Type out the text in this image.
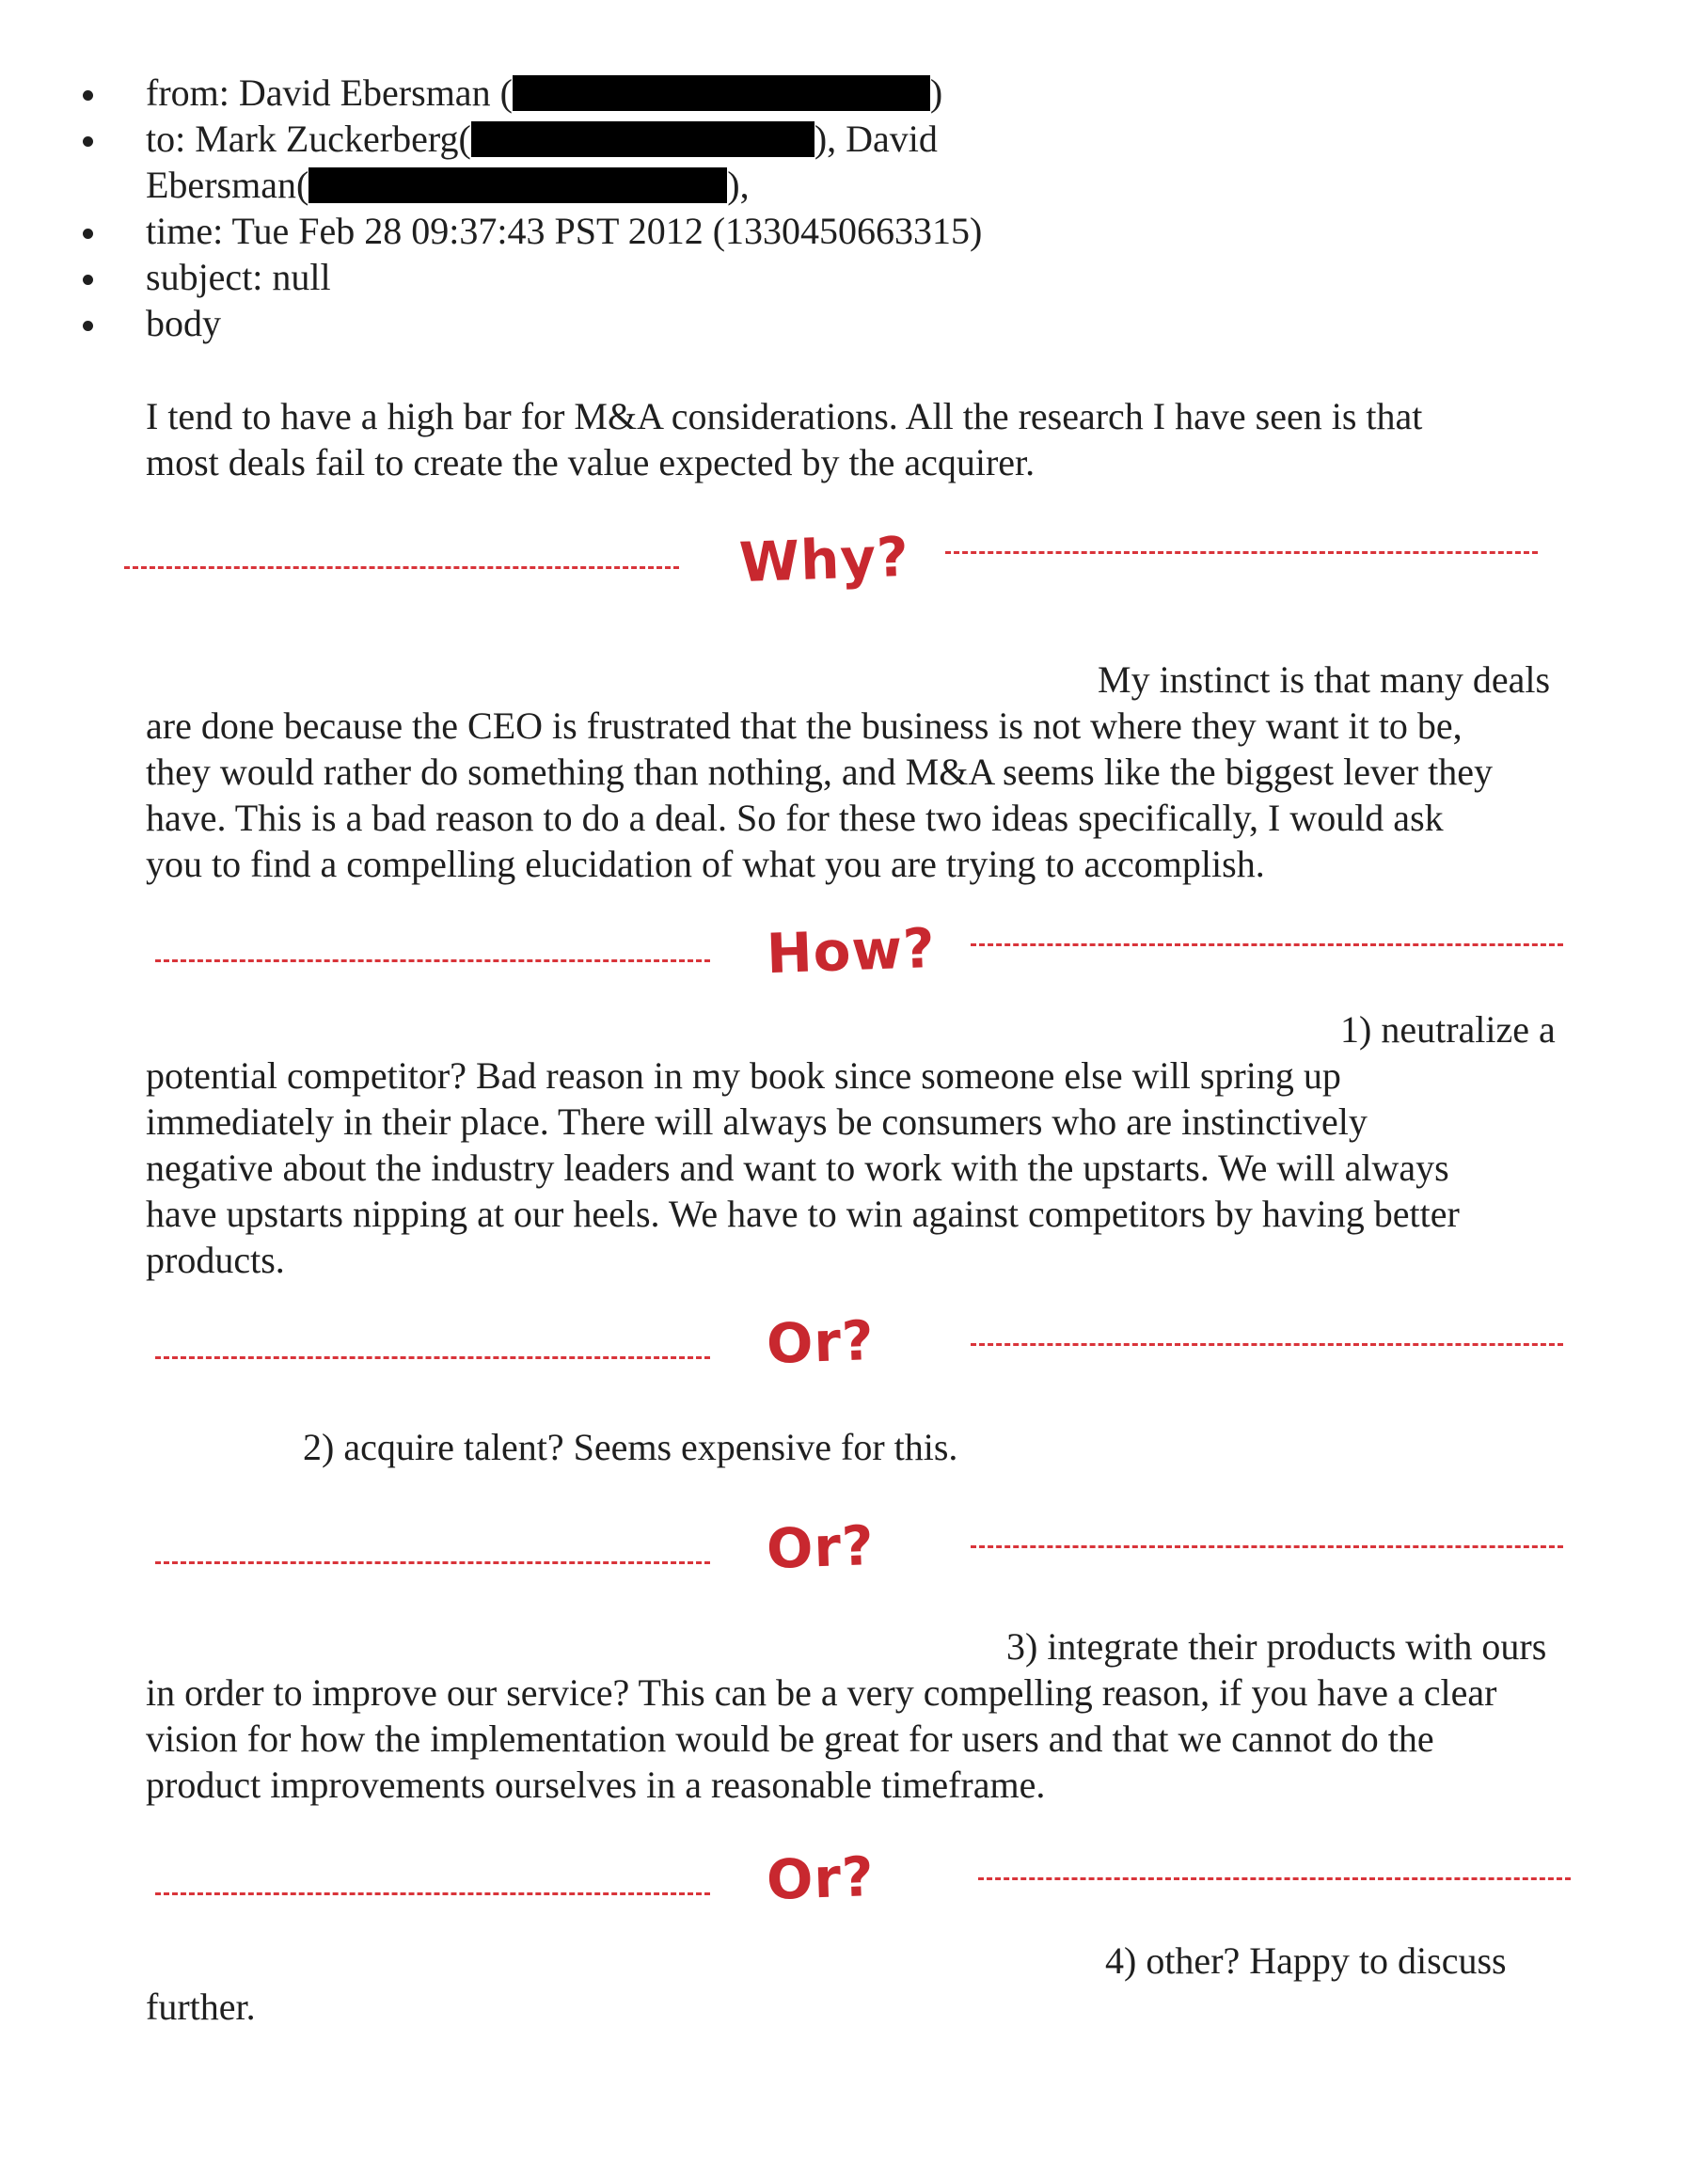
from: David Ebersman (	)
to: Mark Zuckerberg(	), David
Ebersman(	),
time: Tue Feb 28 09:37:43 PST 2012 (1330450663315)
subject: null
body
I tend to have a high bar for M&A considerations. All the research I have seen is that
most deals fail to create the value expected by the acquirer.
Why?
My instinct is that many deals
are done because the CEO is frustrated that the business is not where they want it to be,
they would rather do something than nothing, and M&A seems like the biggest lever they
have. This is a bad reason to do a deal. So for these two ideas specifically, I would ask
you to find a compelling elucidation of what you are trying to accomplish.
How?
1) neutralize a
potential competitor? Bad reason in my book since someone else will spring up
immediately in their place. There will always be consumers who are instinctively
negative about the industry leaders and want to work with the upstarts. We will always
have upstarts nipping at our heels. We have to win against competitors by having better
products.
Or?
2) acquire talent? Seems expensive for this.
Or?
3) integrate their products with ours
in order to improve our service? This can be a very compelling reason, if you have a clear
vision for how the implementation would be great for users and that we cannot do the
product improvements ourselves in a reasonable timeframe.
Or?
4) other? Happy to discuss
further.
